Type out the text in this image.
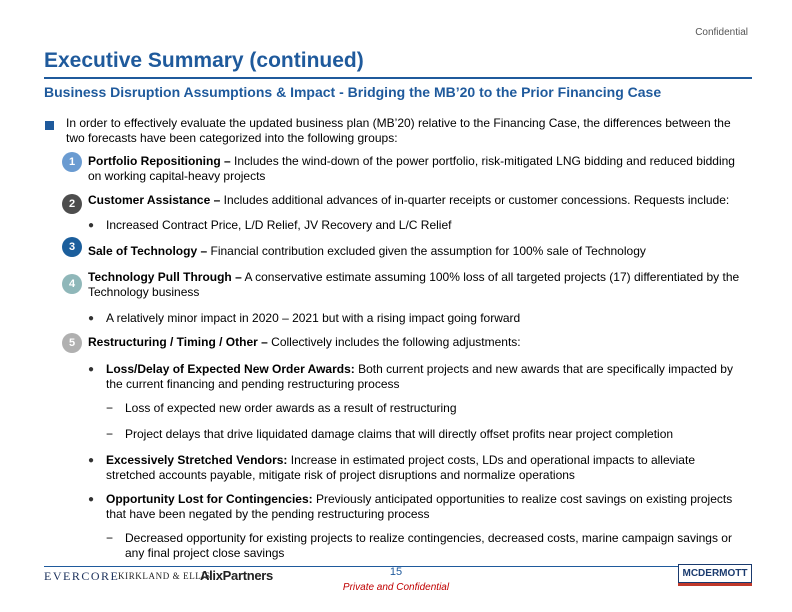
Confidential
Executive Summary (continued)
Business Disruption Assumptions & Impact - Bridging the MB’20 to the Prior Financing Case
In order to effectively evaluate the updated business plan (MB’20) relative to the Financing Case, the differences between the two forecasts have been categorized into the following groups:
1	Portfolio Repositioning – Includes the wind-down of the power portfolio, risk-mitigated LNG bidding and reduced bidding on working capital-heavy projects
2	Customer Assistance – Includes additional advances of in-quarter receipts or customer concessions. Requests include:
● Increased Contract Price, L/D Relief, JV Recovery and L/C Relief
3	Sale of Technology – Financial contribution excluded given the assumption for 100% sale of Technology
4	Technology Pull Through – A conservative estimate assuming 100% loss of all targeted projects (17) differentiated by the Technology business
● A relatively minor impact in 2020 – 2021 but with a rising impact going forward
5	Restructuring / Timing / Other – Collectively includes the following adjustments:
● Loss/Delay of Expected New Order Awards: Both current projects and new awards that are specifically impacted by the current financing and pending restructuring process
− Loss of expected new order awards as a result of restructuring
− Project delays that drive liquidated damage claims that will directly offset profits near project completion
● Excessively Stretched Vendors: Increase in estimated project costs, LDs and operational impacts to alleviate stretched accounts payable, mitigate risk of project disruptions and normalize operations
● Opportunity Lost for Contingencies: Previously anticipated opportunities to realize cost savings on existing projects that have been negated by the pending restructuring process
− Decreased opportunity for existing projects to realize contingencies, decreased costs, marine campaign savings or any final project close savings
EVERCORE
KIRKLAND & ELLIS
AlixPartners	15
Private and Confidential
MCDERMOTT
